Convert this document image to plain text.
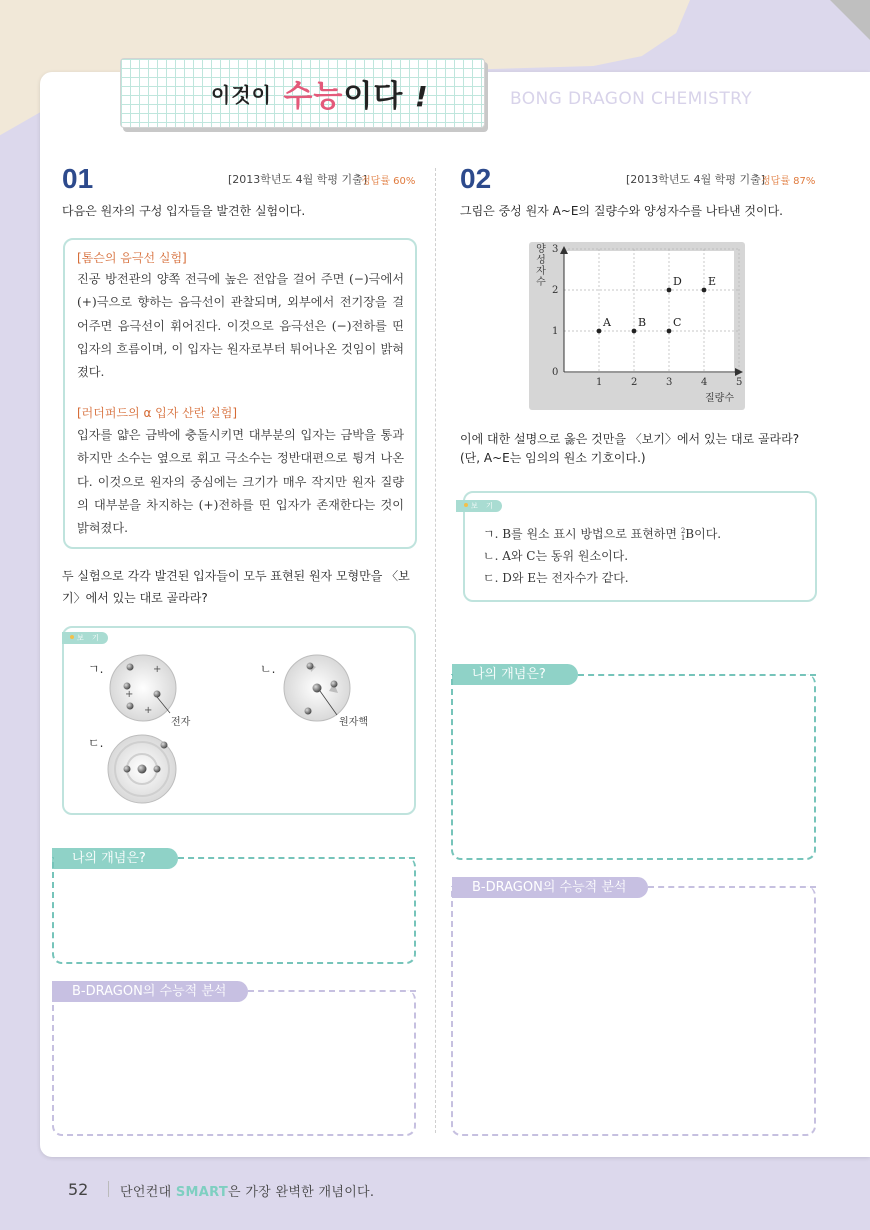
이것이 수능이다 !	BONG DRAGON CHEMISTRY
01	[2013학년도 4월 학평 기출]
정답률 60%
다음은 원자의 구성 입자들을 발견한 실험이다.
[톰슨의 음극선 실험]
진공 방전관의 양쪽 전극에 높은 전압을 걸어 주면 (−)극에서 (+)극으로 향하는 음극선이 관찰되며, 외부에서 전기장을 걸어주면 음극선이 휘어진다. 이것으로 음극선은 (−)전하를 띤 입자의 흐름이며, 이 입자는 원자로부터 튀어나온 것임이 밝혀졌다.
[러더퍼드의 α 입자 산란 실험]
입자를 얇은 금박에 충돌시키면 대부분의 입자는 금박을 통과하지만 소수는 옆으로 휘고 극소수는 정반대편으로 튕겨 나온다. 이것으로 원자의 중심에는 크기가 매우 작지만 원자 질량의 대부분을 차지하는 (+)전하를 띤 입자가 존재한다는 것이 밝혀졌다.
두 실험으로 각각 발견된 입자들이 모두 표현된 원자 모형만을 〈보기〉에서 있는 대로 골라라?
보 기
ㄱ.	+
+
+
전자
ㄴ.
원자핵
ㄷ.
나의 개념은?
B-DRAGON의 수능적 분석
02	[2013학년도 4월 학평 기출]
정답률 87%
그림은 중성 원자 A~E의 질량수와 양성자수를 나타낸 것이다.
1	2	3	4	5
0
1
2
3
A B C
D E
질량수
양성자수
이에 대한 설명으로 옳은 것만을 〈보기〉에서 있는 대로 골라라?
(단, A~E는 임의의 원소 기호이다.)
보 기
ㄱ. B를 원소 표시 방법으로 표현하면 2
1 B이다.
ㄴ. A와 C는 동위 원소이다.
ㄷ. D와 E는 전자수가 같다.
나의 개념은?
B-DRAGON의 수능적 분석
52 단언컨대 SMART은 가장 완벽한 개념이다.
